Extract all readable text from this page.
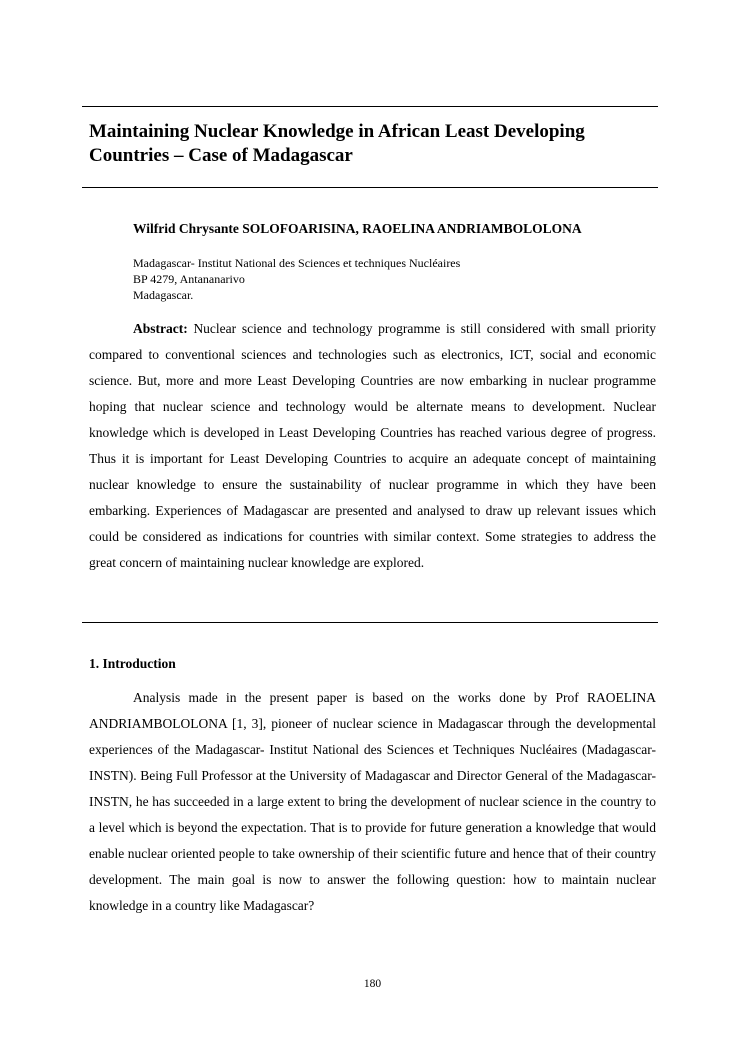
Maintaining Nuclear Knowledge in African Least Developing
Countries – Case of Madagascar

Wilfrid Chrysante SOLOFOARISINA, RAOELINA ANDRIAMBOLOLONA

Madagascar- Institut National des Sciences et techniques Nucléaires
BP 4279, Antananarivo
Madagascar.

Abstract: Nuclear science and technology programme is still considered with small priority compared to conventional sciences and technologies such as electronics, ICT, social and economic science. But, more and more Least Developing Countries are now embarking in nuclear programme hoping that nuclear science and technology would be alternate means to development. Nuclear knowledge which is developed in Least Developing Countries has reached various degree of progress. Thus it is important for Least Developing Countries to acquire an adequate concept of maintaining nuclear knowledge to ensure the sustainability of nuclear programme in which they have been embarking. Experiences of Madagascar are presented and analysed to draw up relevant issues which could be considered as indications for countries with similar context. Some strategies to address the great concern of maintaining nuclear knowledge are explored.

1. Introduction

Analysis made in the present paper is based on the works done by Prof RAOELINA ANDRIAMBOLOLONA [1, 3], pioneer of nuclear science in Madagascar through the developmental experiences of the Madagascar- Institut National des Sciences et Techniques Nucléaires (Madagascar- INSTN). Being Full Professor at the University of Madagascar and Director General of the Madagascar- INSTN, he has succeeded in a large extent to bring the development of nuclear science in the country to a level which is beyond the expectation. That is to provide for future generation a knowledge that would enable nuclear oriented people to take ownership of their scientific future and hence that of their country development. The main goal is now to answer the following question: how to maintain nuclear knowledge in a country like Madagascar?

180
